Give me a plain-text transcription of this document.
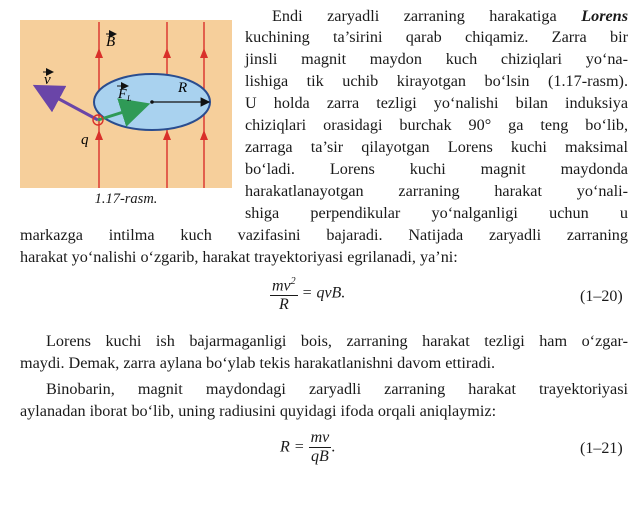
B
F L
R
v
q
1.17-rasm.
Endi zaryadli zarraning harakatiga Lorens
kuchining ta’sirini qarab chiqamiz. Zarra bir
jinsli magnit maydon kuch chiziqlari yo‘na-
lishiga tik uchib kirayotgan bo‘lsin (1.17-rasm).
U holda zarra tezligi yo‘nalishi bilan induksiya
chiziqlari orasidagi burchak 90° ga teng bo‘lib,
zarraga ta’sir qilayotgan Lorens kuchi maksimal
bo‘ladi. Lorens kuchi magnit maydonda
harakatlanayotgan zarraning harakat yo‘nali-
shiga perpendikular yo‘nalganligi uchun u
markazga intilma kuch vazifasini bajaradi. Natijada zaryadli zarraning
harakat yo‘nalishi o‘zgarib, harakat trayektoriyasi egrilanadi, ya’ni:
$\frac{mv^2}{R}$ = qvB.	(1–20)
Lorens kuchi ish bajarmaganligi bois, zarraning harakat tezligi ham o‘zgar-
maydi. Demak, zarra aylana bo‘ylab tekis harakatlanishni davom ettiradi.
Binobarin, magnit maydondagi zaryadli zarraning harakat trayektoriyasi
aylanadan iborat bo‘lib, uning radiusini quyidagi ifoda orqali aniqlaymiz:
$R = \frac{mv}{qB}$ .	(1–21)
